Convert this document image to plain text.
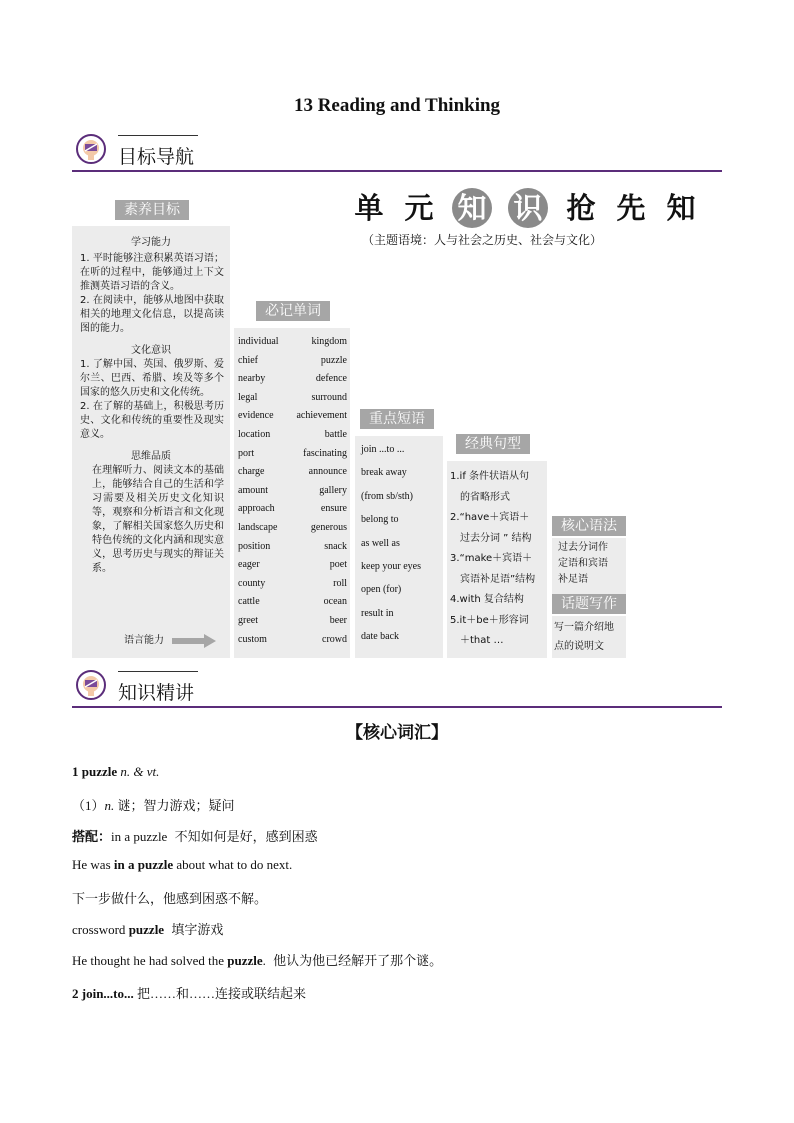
13 Reading and Thinking
目标导航
单 元 知 识 抢 先 知
（主题语境：人与社会之历史、社会与文化）
素养目标
学习能力
1. 平时能够注意积累英语习语；在听的过程中，能够通过上下文推测英语习语的含义。
2. 在阅读中，能够从地图中获取相关的地理文化信息，以提高读图的能力。
文化意识
1. 了解中国、英国、俄罗斯、爱尔兰、巴西、希腊、埃及等多个国家的悠久历史和文化传统。
2. 在了解的基础上，积极思考历史、文化和传统的重要性及现实意义。
思维品质
在理解听力、阅读文本的基础上，能够结合自己的生活和学习需要及相关历史文化知识等，观察和分析语言和文化现象，了解相关国家悠久历史和特色传统的文化内涵和现实意义，思考历史与现实的辩证关系。
语言能力
必记单词
individual	kingdom
chief	puzzle
nearby	defence
legal	surround
evidence achievement
location	battle
port	fascinating
charge	announce
amount	gallery
approach	ensure
landscape	generous
position	snack
eager	poet
county	roll
cattle	ocean
greet	beer
custom	crowd
重点短语
join ...to ...
break away
(from sb/sth)
belong to
as well as
keep your eyes
open (for)
result in
date back
经典句型
1.if 条件状语从句
的省略形式
2.“have＋宾语＋
过去分词 ” 结构
3.“make＋宾语＋
宾语补足语”结构
4.with 复合结构
5.it＋be＋形容词
＋that …
核心语法
过去分词作
定语和宾语
补足语
话题写作
写一篇介绍地
点的说明文
知识精讲
【核心词汇】
1 puzzle n. & vt.
（1）n. 谜；智力游戏；疑问
搭配：in a puzzle 不知如何是好，感到困惑
He was in a puzzle about what to do next.
下一步做什么，他感到困惑不解。
crossword puzzle 填字游戏
He thought he had solved the puzzle. 他认为他已经解开了那个谜。
2 join...to... 把……和……连接或联结起来
